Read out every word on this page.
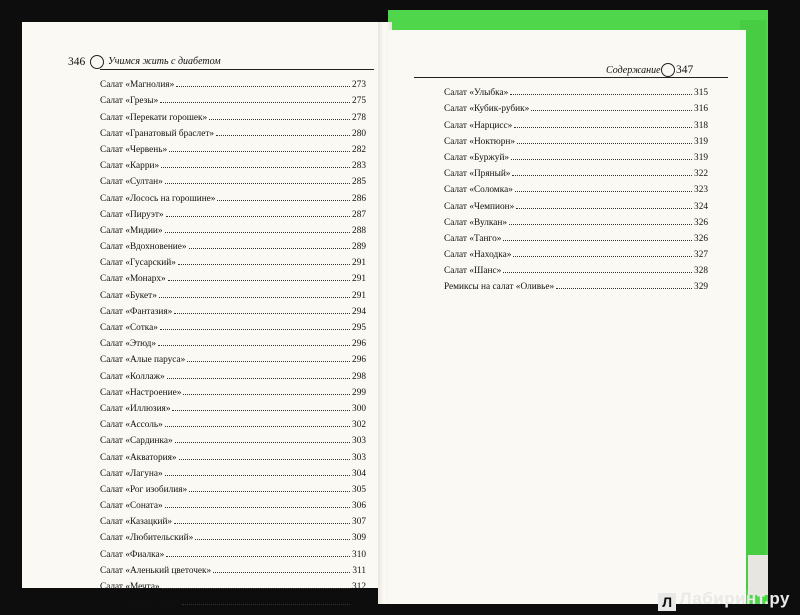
346 Учимся жить с диабетом
Салат «Магнолия»	273
Салат «Грезы»	275
Салат «Перекати горошек»	278
Салат «Гранатовый браслет»	280
Салат «Червень»	282
Салат «Карри»	283
Салат «Султан»	285
Салат «Лосось на горошине»	286
Салат «Пируэт»	287
Салат «Мидии»	288
Салат «Вдохновение»	289
Салат «Гусарский»	291
Салат «Монарх»	291
Салат «Букет»	291
Салат «Фантазия»	294
Салат «Сотка»	295
Салат «Этюд»	296
Салат «Алые паруса»	296
Салат «Коллаж»	298
Салат «Настроение»	299
Салат «Иллюзия»	300
Салат «Ассоль»	302
Салат «Сардинка»	303
Салат «Акватория»	303
Салат «Лагуна»	304
Салат «Рог изобилия»	305
Салат «Соната»	306
Салат «Казацкий»	307
Салат «Любительский»	309
Салат «Фиалка»	310
Салат «Аленький цветочек»	311
Салат «Мечта»	312
Салат «Пикантный»	313
Содержание 347
Салат «Улыбка»	315
Салат «Кубик-рубик»	316
Салат «Нарцисс»	318
Салат «Ноктюрн»	319
Салат «Буржуй»	319
Салат «Пряный»	322
Салат «Соломка»	323
Салат «Чемпион»	324
Салат «Вулкан»	326
Салат «Танго»	326
Салат «Находка»	327
Салат «Шанс»	328
Ремиксы на салат «Оливье»	329
Л Лабиринт.ру
